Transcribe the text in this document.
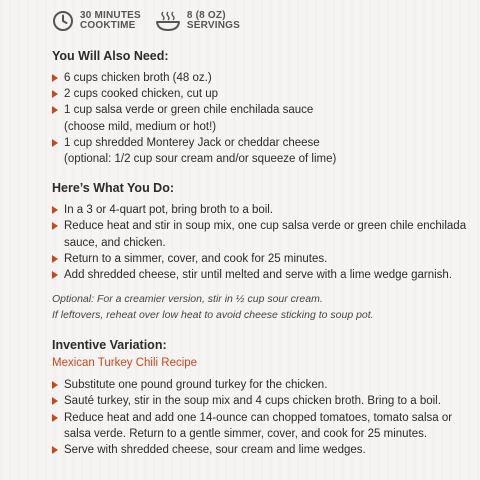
30 MINUTES
COOKTIME
8 (8 OZ)
SERVINGS
You Will Also Need:
6 cups chicken broth (48 oz.)
2 cups cooked chicken, cut up
1 cup salsa verde or green chile enchilada sauce
(choose mild, medium or hot!)
1 cup shredded Monterey Jack or cheddar cheese
(optional: 1/2 cup sour cream and/or squeeze of lime)
Here’s What You Do:
In a 3 or 4-quart pot, bring broth to a boil.
Reduce heat and stir in soup mix, one cup salsa verde or green chile enchilada sauce, and chicken.
Return to a simmer, cover, and cook for 25 minutes.
Add shredded cheese, stir until melted and serve with a lime wedge garnish.
Optional: For a creamier version, stir in ½ cup sour cream.
If leftovers, reheat over low heat to avoid cheese sticking to soup pot.
Inventive Variation:
Mexican Turkey Chili Recipe
Substitute one pound ground turkey for the chicken.
Sauté turkey, stir in the soup mix and 4 cups chicken broth. Bring to a boil.
Reduce heat and add one 14-ounce can chopped tomatoes, tomato salsa or salsa verde. Return to a gentle simmer, cover, and cook for 25 minutes.
Serve with shredded cheese, sour cream and lime wedges.
